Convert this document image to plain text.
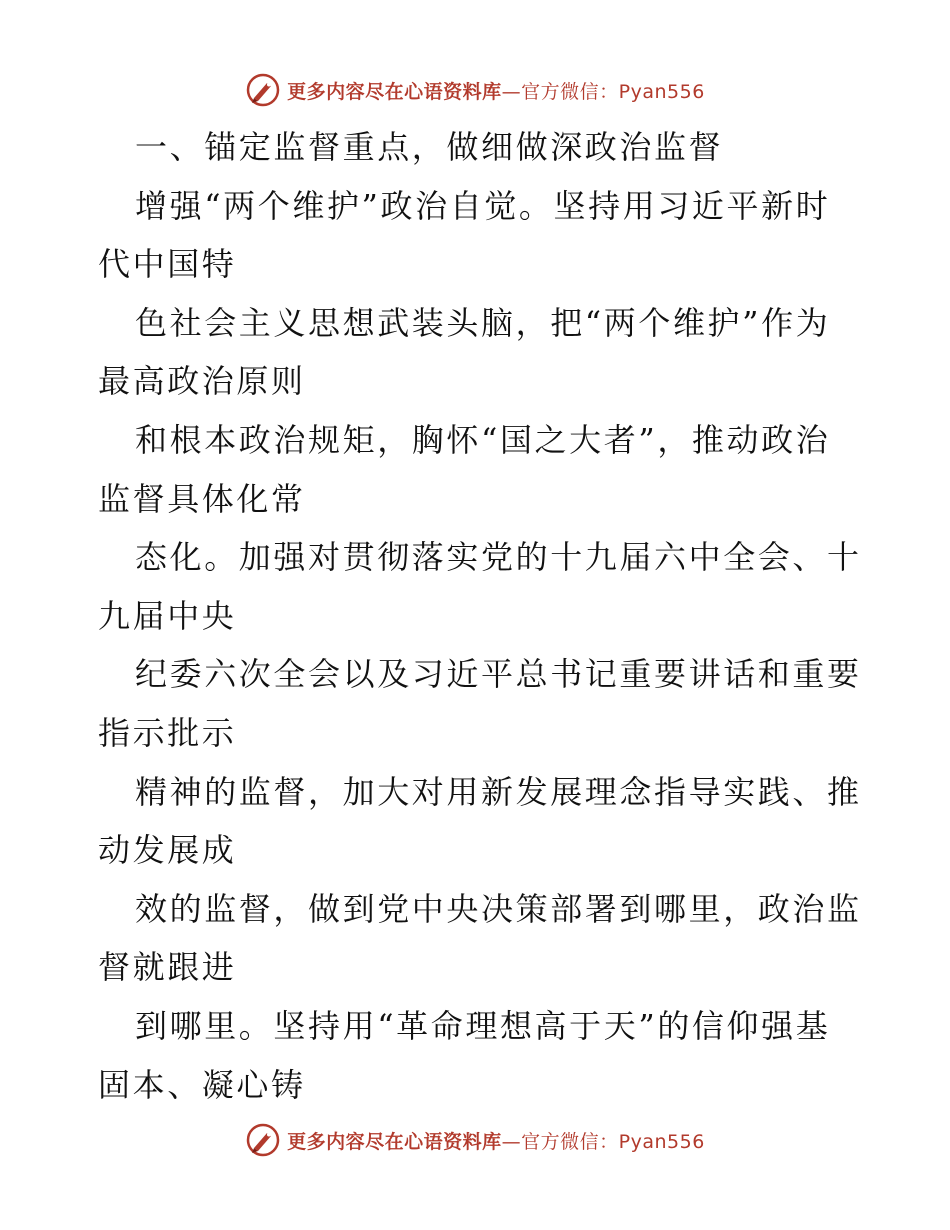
更多内容尽在心语资料库—官方微信：Pyan556
一、锚定监督重点，做细做深政治监督
增强“两个维护”政治自觉。坚持用习近平新时
代中国特
色社会主义思想武装头脑，把“两个维护”作为
最高政治原则
和根本政治规矩，胸怀“国之大者”，推动政治
监督具体化常
态化。加强对贯彻落实党的十九届六中全会、十
九届中央
纪委六次全会以及习近平总书记重要讲话和重要
指示批示
精神的监督，加大对用新发展理念指导实践、推
动发展成
效的监督，做到党中央决策部署到哪里，政治监
督就跟进
到哪里。坚持用“革命理想高于天”的信仰强基
固本、凝心铸
更多内容尽在心语资料库—官方微信：Pyan556
